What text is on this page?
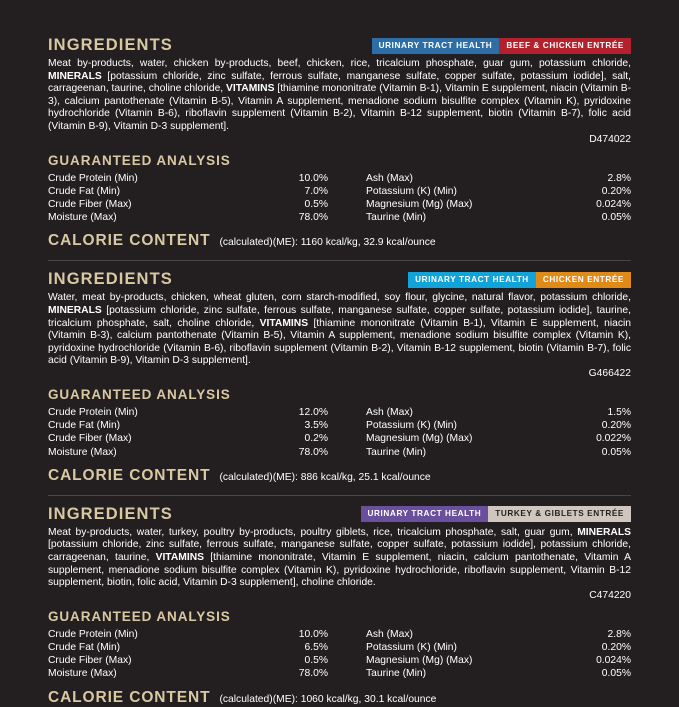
INGREDIENTS	URINARY TRACT HEALTH	BEEF & CHICKEN ENTRÉE

Meat by-products, water, chicken by-products, beef, chicken, rice, tricalcium phosphate, guar gum, potassium chloride, MINERALS [potassium chloride, zinc sulfate, ferrous sulfate, manganese sulfate, copper sulfate, potassium iodide], salt, carrageenan, taurine, choline chloride, VITAMINS [thiamine mononitrate (Vitamin B-1), Vitamin E supplement, niacin (Vitamin B-3), calcium pantothenate (Vitamin B-5), Vitamin A supplement, menadione sodium bisulfite complex (Vitamin K), pyridoxine hydrochloride (Vitamin B-6), riboflavin supplement (Vitamin B-2), Vitamin B-12 supplement, biotin (Vitamin B-7), folic acid (Vitamin B-9), Vitamin D-3 supplement].

D474022
GUARANTEED ANALYSIS
Crude Protein (Min)	10.0%	Ash (Max)	2.8%
Crude Fat (Min)	7.0%	Potassium (K) (Min)	0.20%
Crude Fiber (Max)	0.5%	Magnesium (Mg) (Max)	0.024%
Moisture (Max)	78.0%	Taurine (Min)	0.05%
CALORIE CONTENT (calculated)(ME): 1160 kcal/kg, 32.9 kcal/ounce
INGREDIENTS	URINARY TRACT HEALTH	CHICKEN ENTRÉE

Water, meat by-products, chicken, wheat gluten, corn starch-modified, soy flour, glycine, natural flavor, potassium chloride, MINERALS [potassium chloride, zinc sulfate, ferrous sulfate, manganese sulfate, copper sulfate, potassium iodide], taurine, tricalcium phosphate, salt, choline chloride, VITAMINS [thiamine mononitrate (Vitamin B-1), Vitamin E supplement, niacin (Vitamin B-3), calcium pantothenate (Vitamin B-5), Vitamin A supplement, menadione sodium bisulfite complex (Vitamin K), pyridoxine hydrochloride (Vitamin B-6), riboflavin supplement (Vitamin B-2), Vitamin B-12 supplement, biotin (Vitamin B-7), folic acid (Vitamin B-9), Vitamin D-3 supplement].

G466422
GUARANTEED ANALYSIS
Crude Protein (Min)	12.0%	Ash (Max)	1.5%
Crude Fat (Min)	3.5%	Potassium (K) (Min)	0.20%
Crude Fiber (Max)	0.2%	Magnesium (Mg) (Max)	0.022%
Moisture (Max)	78.0%	Taurine (Min)	0.05%
CALORIE CONTENT (calculated)(ME): 886 kcal/kg, 25.1 kcal/ounce
INGREDIENTS	URINARY TRACT HEALTH	TURKEY & GIBLETS ENTRÉE

Meat by-products, water, turkey, poultry by-products, poultry giblets, rice, tricalcium phosphate, salt, guar gum, MINERALS [potassium chloride, zinc sulfate, ferrous sulfate, manganese sulfate, copper sulfate, potassium iodide], potassium chloride, carrageenan, taurine, VITAMINS [thiamine mononitrate, Vitamin E supplement, niacin, calcium pantothenate, Vitamin A supplement, menadione sodium bisulfite complex (Vitamin K), pyridoxine hydrochloride, riboflavin supplement, Vitamin B-12 supplement, biotin, folic acid, Vitamin D-3 supplement], choline chloride.

C474220
GUARANTEED ANALYSIS
Crude Protein (Min)	10.0%	Ash (Max)	2.8%
Crude Fat (Min)	6.5%	Potassium (K) (Min)	0.20%
Crude Fiber (Max)	0.5%	Magnesium (Mg) (Max)	0.024%
Moisture (Max)	78.0%	Taurine (Min)	0.05%
CALORIE CONTENT (calculated)(ME): 1060 kcal/kg, 30.1 kcal/ounce
